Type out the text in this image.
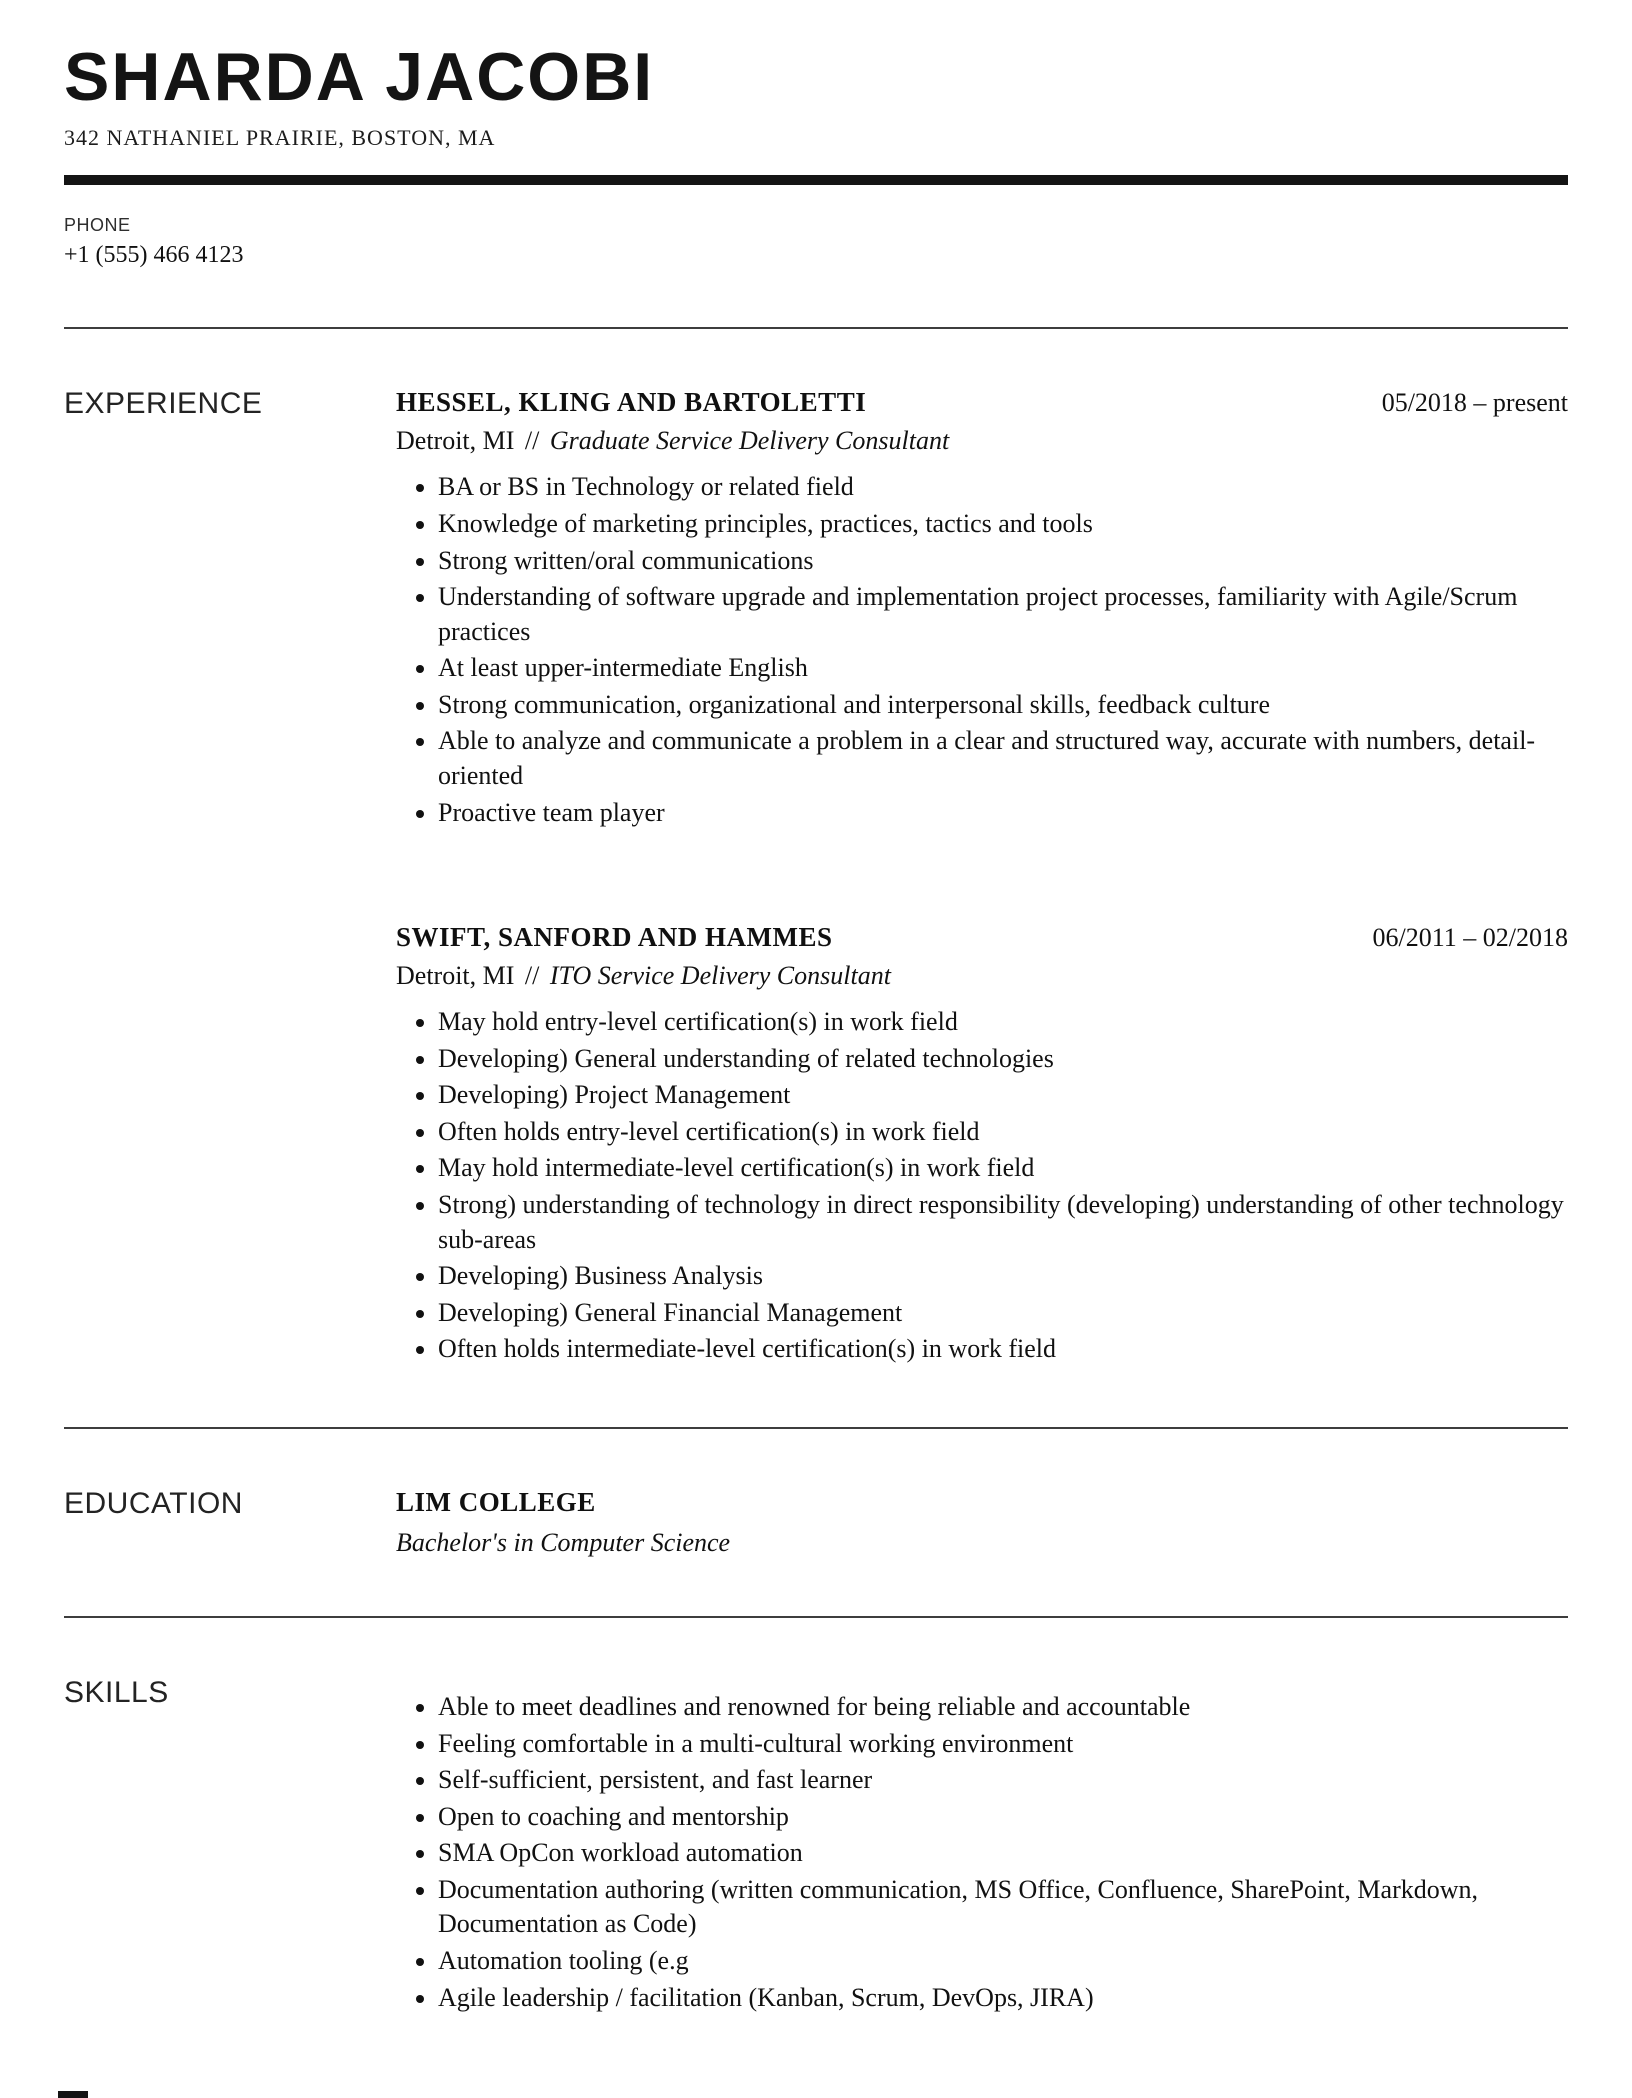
SHARDA JACOBI
342 NATHANIEL PRAIRIE, BOSTON, MA
PHONE
+1 (555) 466 4123
EXPERIENCE	HESSEL, KLING AND BARTOLETTI	05/2018 – present
Detroit, MI // Graduate Service Delivery Consultant
• BA or BS in Technology or related field
• Knowledge of marketing principles, practices, tactics and tools
• Strong written/oral communications
• Understanding of software upgrade and implementation project processes, familiarity with Agile/Scrum practices
• At least upper-intermediate English
• Strong communication, organizational and interpersonal skills, feedback culture
• Able to analyze and communicate a problem in a clear and structured way, accurate with numbers, detail-oriented
• Proactive team player
SWIFT, SANFORD AND HAMMES	06/2011 – 02/2018
Detroit, MI // ITO Service Delivery Consultant
• May hold entry-level certification(s) in work field
• Developing) General understanding of related technologies
• Developing) Project Management
• Often holds entry-level certification(s) in work field
• May hold intermediate-level certification(s) in work field
• Strong) understanding of technology in direct responsibility (developing) understanding of other technology sub-areas
• Developing) Business Analysis
• Developing) General Financial Management
• Often holds intermediate-level certification(s) in work field
EDUCATION	LIM COLLEGE
Bachelor's in Computer Science
SKILLS	• Able to meet deadlines and renowned for being reliable and accountable
• Feeling comfortable in a multi-cultural working environment
• Self-sufficient, persistent, and fast learner
• Open to coaching and mentorship
• SMA OpCon workload automation
• Documentation authoring (written communication, MS Office, Confluence, SharePoint, Markdown, Documentation as Code)
• Automation tooling (e.g
• Agile leadership / facilitation (Kanban, Scrum, DevOps, JIRA)
